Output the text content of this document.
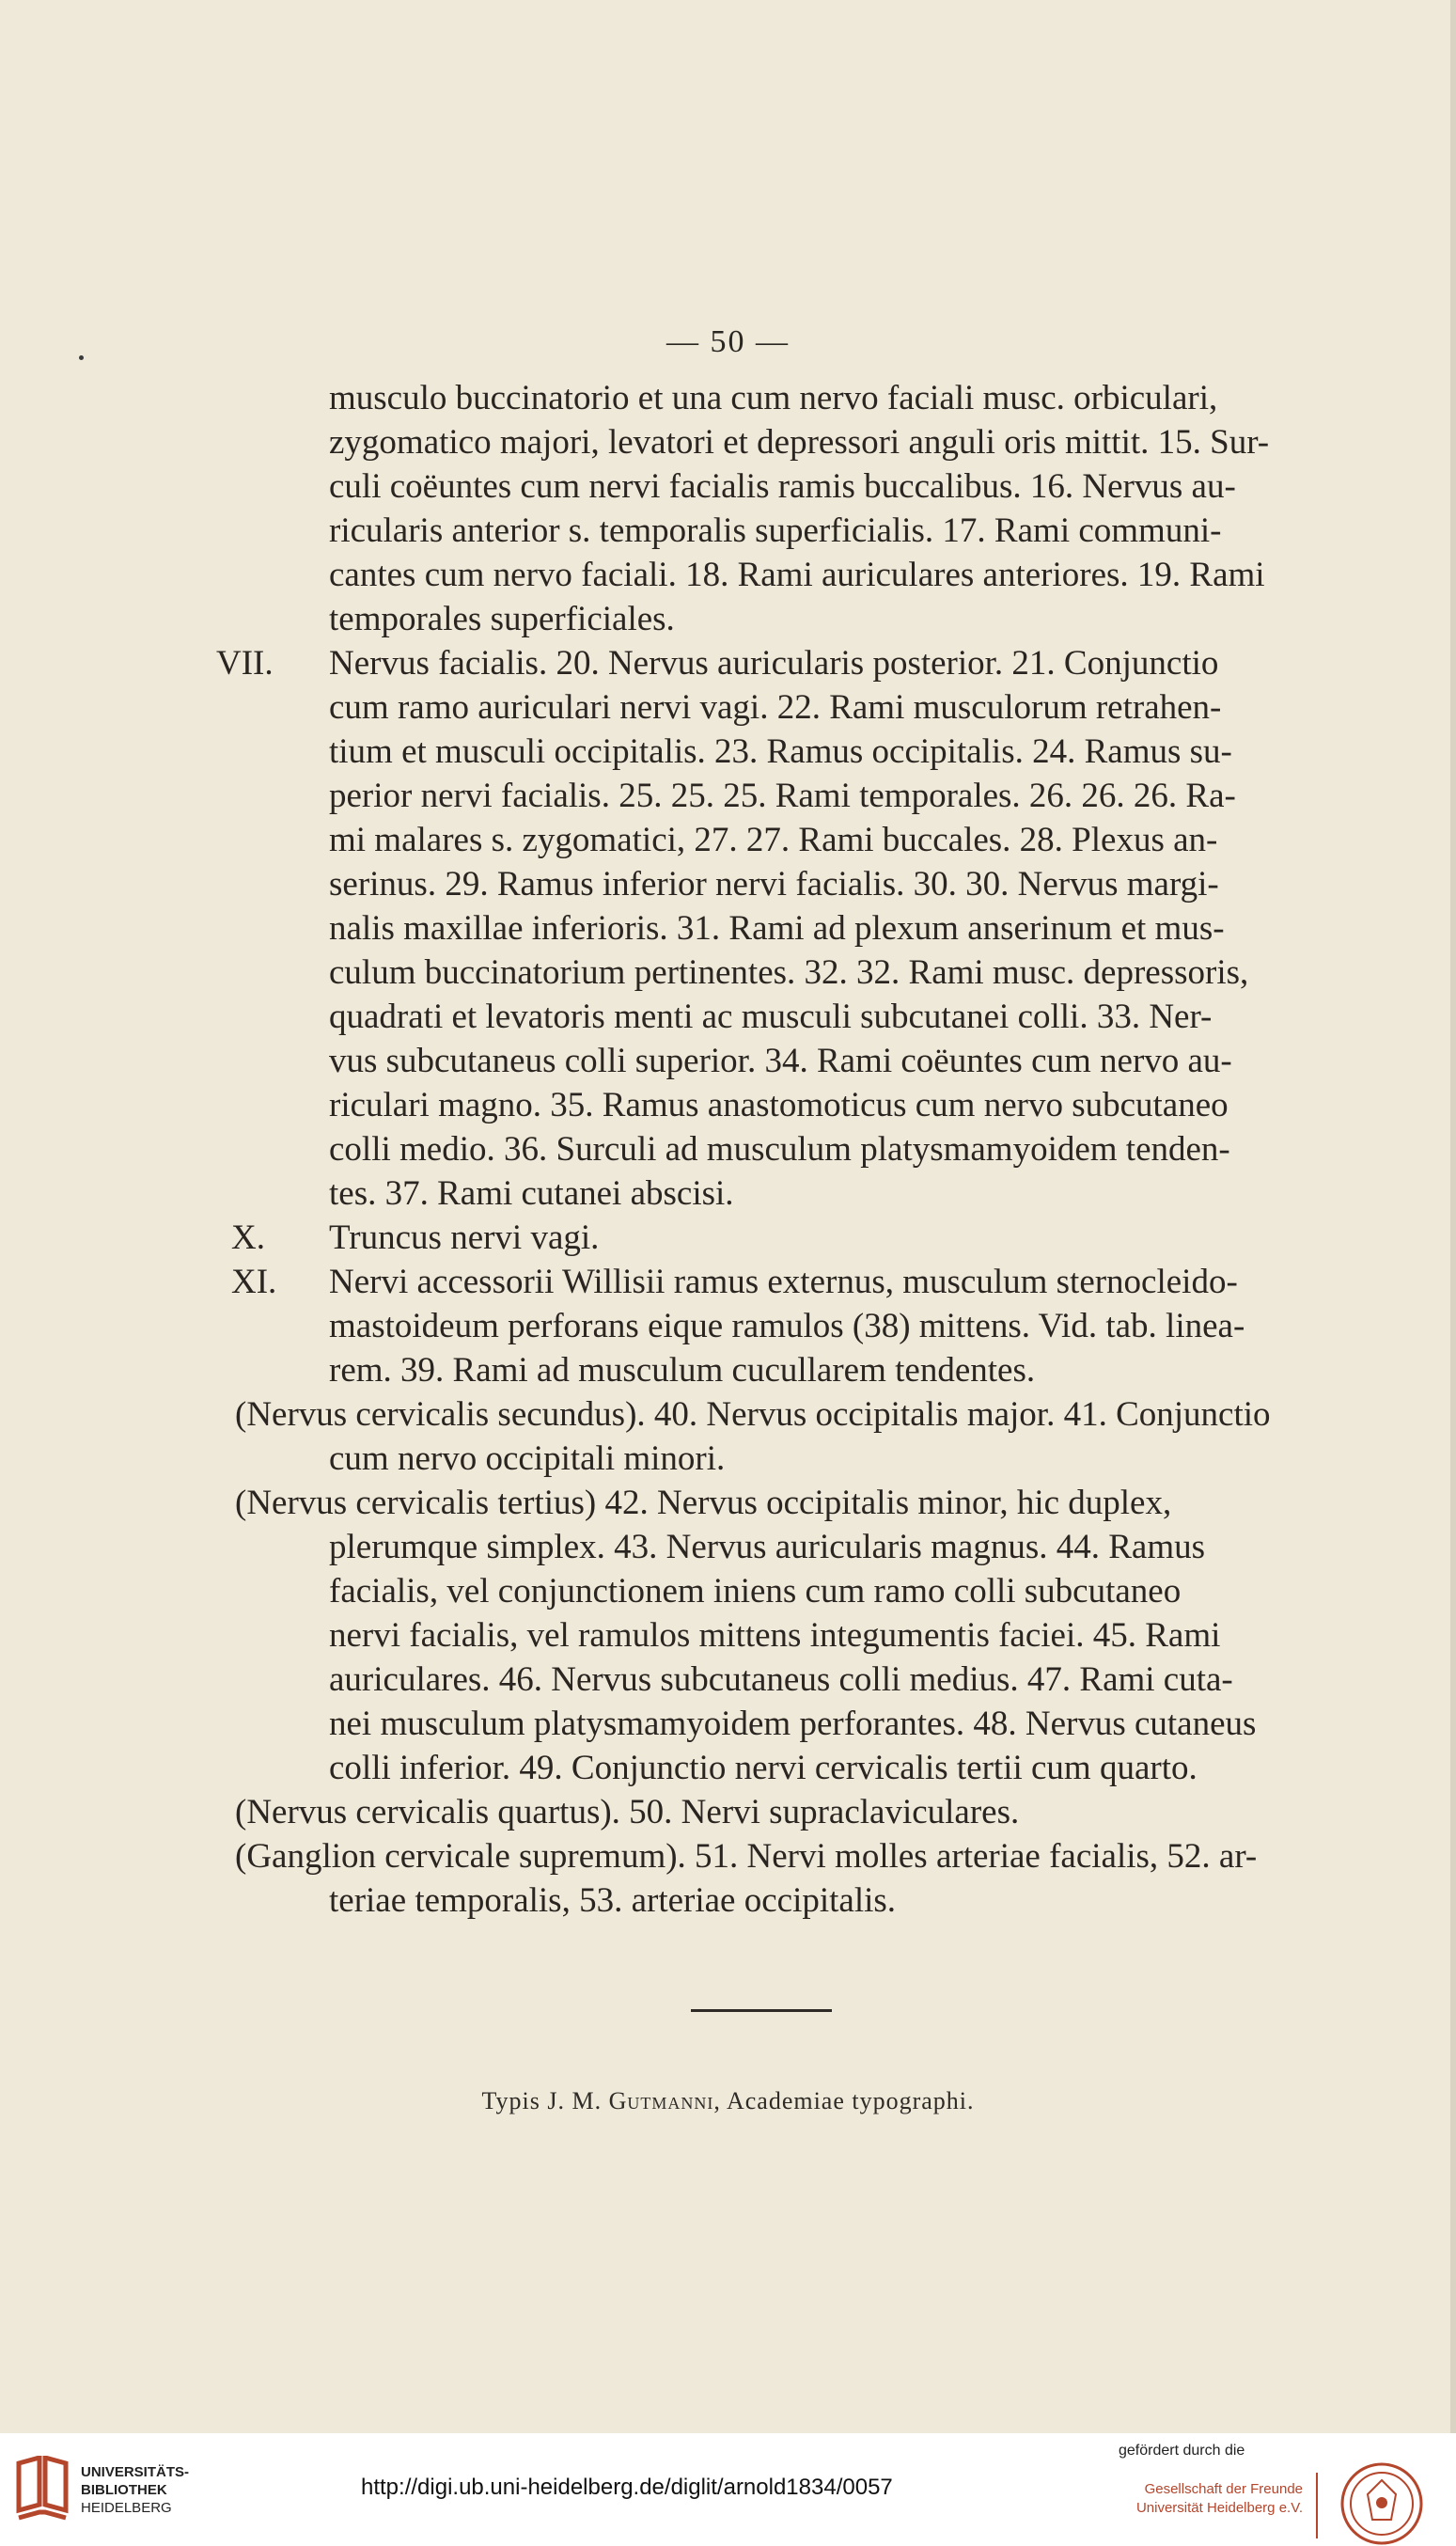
— 50 —
musculo buccinatorio et una cum nervo faciali musc. orbiculari,
zygomatico majori, levatori et depressori anguli oris mittit. 15. Sur-
culi coëuntes cum nervi facialis ramis buccalibus. 16. Nervus au-
ricularis anterior s. temporalis superficialis. 17. Rami communi-
cantes cum nervo faciali. 18. Rami auriculares anteriores. 19. Rami
temporales superficiales.
VII. Nervus facialis. 20. Nervus auricularis posterior. 21. Conjunctio
cum ramo auriculari nervi vagi. 22. Rami musculorum retrahen-
tium et musculi occipitalis. 23. Ramus occipitalis. 24. Ramus su-
perior nervi facialis. 25. 25. 25. Rami temporales. 26. 26. 26. Ra-
mi malares s. zygomatici, 27. 27. Rami buccales. 28. Plexus an-
serinus. 29. Ramus inferior nervi facialis. 30. 30. Nervus margi-
nalis maxillae inferioris. 31. Rami ad plexum anserinum et mus-
culum buccinatorium pertinentes. 32. 32. Rami musc. depressoris,
quadrati et levatoris menti ac musculi subcutanei colli. 33. Ner-
vus subcutaneus colli superior. 34. Rami coëuntes cum nervo au-
riculari magno. 35. Ramus anastomoticus cum nervo subcutaneo
colli medio. 36. Surculi ad musculum platysmamyoidem tenden-
tes. 37. Rami cutanei abscisi.
X. Truncus nervi vagi.
XI. Nervi accessorii Willisii ramus externus, musculum sternocleido-
mastoideum perforans eique ramulos (38) mittens. Vid. tab. linea-
rem. 39. Rami ad musculum cucullarem tendentes.
(Nervus cervicalis secundus). 40. Nervus occipitalis major. 41. Conjunctio
cum nervo occipitali minori.
(Nervus cervicalis tertius) 42. Nervus occipitalis minor, hic duplex,
plerumque simplex. 43. Nervus auricularis magnus. 44. Ramus
facialis, vel conjunctionem iniens cum ramo colli subcutaneo
nervi facialis, vel ramulos mittens integumentis faciei. 45. Rami
auriculares. 46. Nervus subcutaneus colli medius. 47. Rami cuta-
nei musculum platysmamyoidem perforantes. 48. Nervus cutaneus
colli inferior. 49. Conjunctio nervi cervicalis tertii cum quarto.
(Nervus cervicalis quartus). 50. Nervi supraclaviculares.
(Ganglion cervicale supremum). 51. Nervi molles arteriae facialis, 52. ar-
teriae temporalis, 53. arteriae occipitalis.
Typis J. M. Gutmanni, Academiae typographi.
UNIVERSITÄTS-
BIBLIOTHEK
HEIDELBERG
http://digi.ub.uni-heidelberg.de/diglit/arnold1834/0057
gefördert durch die
Gesellschaft der Freunde
Universität Heidelberg e.V.
